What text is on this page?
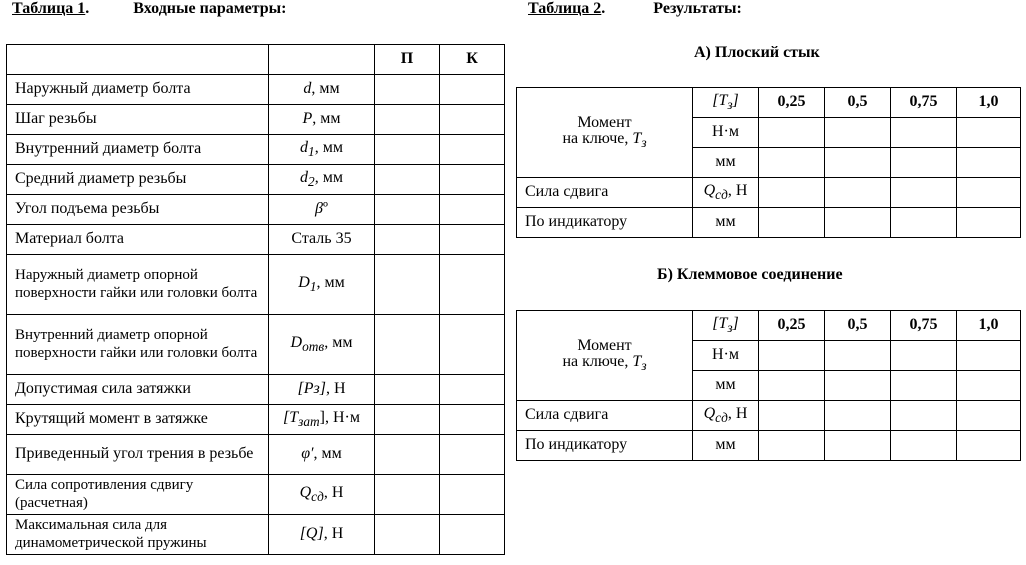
Таблица 1.	Входные параметры:	Таблица 2.	Результаты:
		П	К
Наружный диаметр болта	d, мм		
Шаг резьбы	P, мм		
Внутренний диаметр болта	$d_1$, мм		
Средний диаметр резьбы	$d_2$, мм		
Угол подъема резьбы	βº		
Материал болта	Сталь 35		
Наружный диаметр опорной поверхности гайки или головки болта	$D_1$, мм		
Внутренний диаметр опорной поверхности гайки или головки болта	$D_{отв}$, мм		
Допустимая сила затяжки	[Pз], Н		
Крутящий момент в затяжке	$[T_{зат}]$, Н·м		
Приведенный угол трения в резьбе	φ′, мм		
Сила сопротивления сдвигу (расчетная)	$Q_{сд}$, Н		
Максимальная сила для динамометрической пружины	[Q], Н		
А) Плоский стык
Момент
на ключе, $T_з$	$[T_з]$	0,25	0,5	0,75	1,0
	Н·м				
	мм				
Сила сдвига	$Q_{сд}$, Н				
По индикатору	мм				
Б) Клеммовое соединение
Момент
на ключе, $T_з$	$[T_з]$	0,25	0,5	0,75	1,0
	Н·м				
	мм				
Сила сдвига	$Q_{сд}$, Н				
По индикатору	мм				
